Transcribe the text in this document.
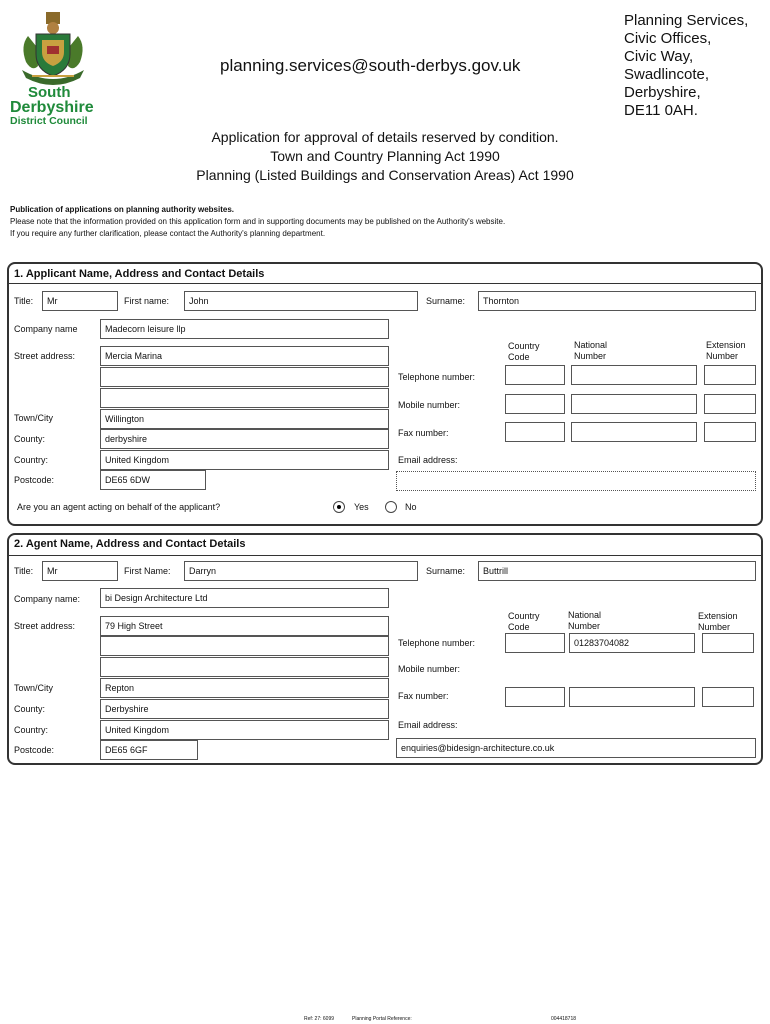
South
Derbyshire
District Council
planning.services@south-derbys.gov.uk
Planning Services,
Civic Offices,
Civic Way,
Swadlincote,
Derbyshire,
DE11 0AH.
Application for approval of details reserved by condition.
Town and Country Planning Act 1990
Planning (Listed Buildings and Conservation Areas) Act 1990
Publication of applications on planning authority websites.
Please note that the information provided on this application form and in supporting documents may be published on the Authority's website.
If you require any further clarification, please contact the Authority's planning department.
1. Applicant Name, Address and Contact Details
Title:	Mr	First name:	John	Surname:	Thornton
Company name	Madecorn leisure llp
Street address:	Mercia Marina
Town/City	Willington
County:	derbyshire
Country:	United Kingdom
Postcode:	DE65 6DW
Country
Code
National
Number
Extension
Number
Telephone number:
Mobile number:
Fax number:
Email address:
Are you an agent acting on behalf of the applicant?	Yes	No
2. Agent Name, Address and Contact Details
Title:	Mr	First Name:	Darryn	Surname:	Buttrill
Company name:	bi Design Architecture Ltd
Street address:	79 High Street
Town/City	Repton
County:	Derbyshire
Country:	United Kingdom
Postcode:	DE65 6GF
Country
Code
National
Number
Extension
Number
Telephone number:	01283704082
Mobile number:
Fax number:
Email address:
enquiries@bidesign-architecture.co.uk
Ref: 27: 6099	Planning Portal Reference:	004418718
